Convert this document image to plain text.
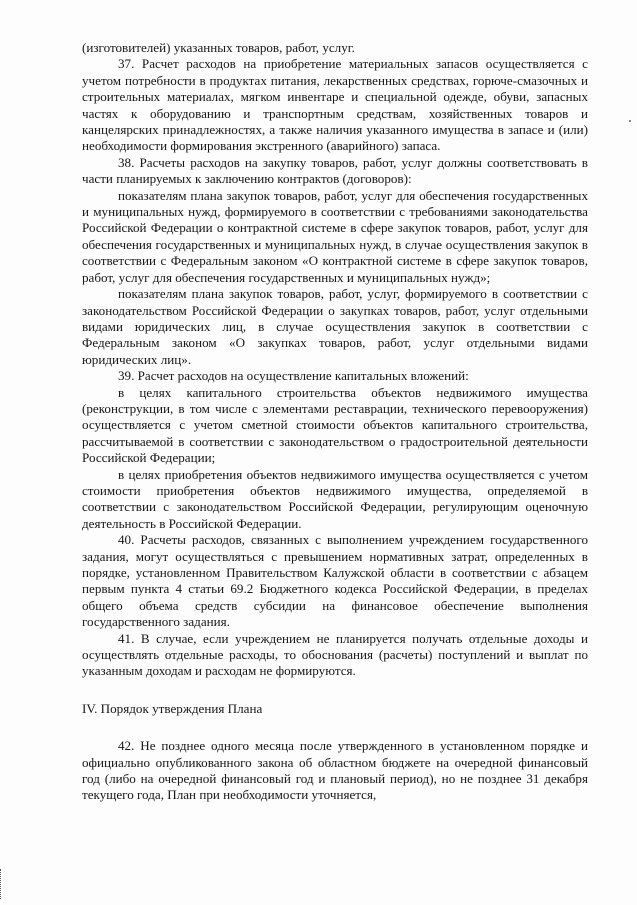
(изготовителей) указанных товаров, работ, услуг.

37. Расчет расходов на приобретение материальных запасов осуществляется с учетом потребности в продуктах питания, лекарственных средствах, горюче-смазочных и строительных материалах, мягком инвентаре и специальной одежде, обуви, запасных частях к оборудованию и транспортным средствам, хозяйственных товаров и канцелярских принадлежностях, а также наличия указанного имущества в запасе и (или) необходимости формирования экстренного (аварийного) запаса.

38. Расчеты расходов на закупку товаров, работ, услуг должны соответствовать в части планируемых к заключению контрактов (договоров):

показателям плана закупок товаров, работ, услуг для обеспечения государственных и муниципальных нужд, формируемого в соответствии с требованиями законодательства Российской Федерации о контрактной системе в сфере закупок товаров, работ, услуг для обеспечения государственных и муниципальных нужд, в случае осуществления закупок в соответствии с Федеральным законом «О контрактной системе в сфере закупок товаров, работ, услуг для обеспечения государственных и муниципальных нужд»;

показателям плана закупок товаров, работ, услуг, формируемого в соответствии с законодательством Российской Федерации о закупках товаров, работ, услуг отдельными видами юридических лиц, в случае осуществления закупок в соответствии с Федеральным законом «О закупках товаров, работ, услуг отдельными видами юридических лиц».

39. Расчет расходов на осуществление капитальных вложений:

в целях капитального строительства объектов недвижимого имущества (реконструкции, в том числе с элементами реставрации, технического перевооружения) осуществляется с учетом сметной стоимости объектов капитального строительства, рассчитываемой в соответствии с законодательством о градостроительной деятельности Российской Федерации;

в целях приобретения объектов недвижимого имущества осуществляется с учетом стоимости приобретения объектов недвижимого имущества, определяемой в соответствии с законодательством Российской Федерации, регулирующим оценочную деятельность в Российской Федерации.

40. Расчеты расходов, связанных с выполнением учреждением государственного задания, могут осуществляться с превышением нормативных затрат, определенных в порядке, установленном Правительством Калужской области в соответствии с абзацем первым пункта 4 статьи 69.2 Бюджетного кодекса Российской Федерации, в пределах общего объема средств субсидии на финансовое обеспечение выполнения государственного задания.

41. В случае, если учреждением не планируется получать отдельные доходы и осуществлять отдельные расходы, то обоснования (расчеты) поступлений и выплат по указанным доходам и расходам не формируются.

IV. Порядок утверждения Плана

42. Не позднее одного месяца после утвержденного в установленном порядке и официально опубликованного закона об областном бюджете на очередной финансовый год (либо на очередной финансовый год и плановый период), но не позднее 31 декабря текущего года, План при необходимости уточняется,
